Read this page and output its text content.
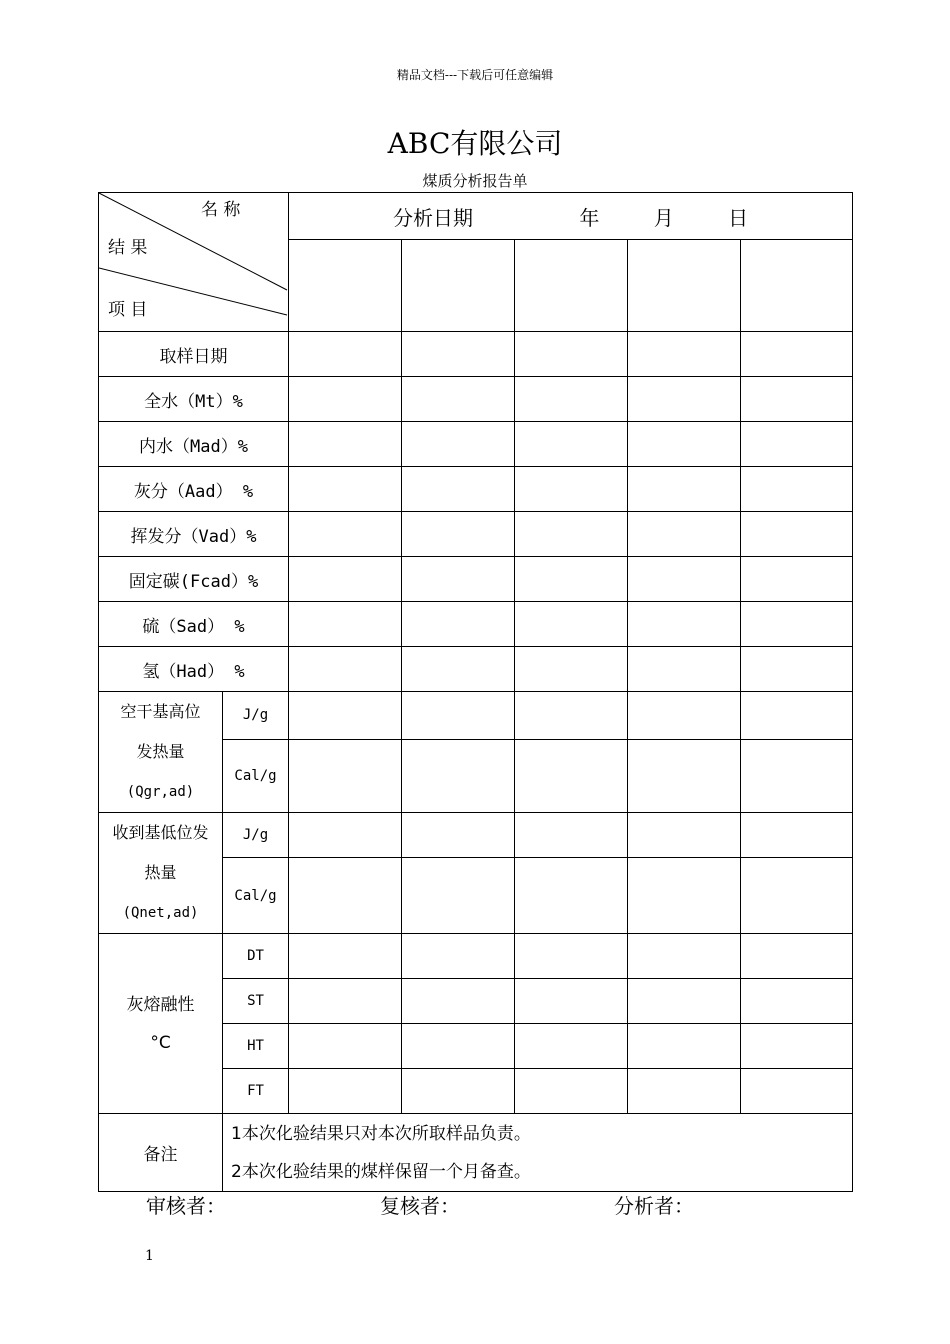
精品文档---下载后可任意编辑
ABC有限公司
煤质分析报告单
名 称
结 果
项 目		分析日期 年 月 日				

取样日期						
全水（Mt）%						
内水（Mad）%						
灰分（Aad） %						
挥发分（Vad）%						
固定碳(Fcad）%						
硫（Sad） %						
氢（Had） %						

空干基高位
发热量
(Qgr,ad)	J/g					
	Cal/g					

收到基低位发
热量
(Qnet,ad)	J/g					
	Cal/g					

灰熔融性
°C	DT					
	ST					
	HT					
	FT					
备注	1本次化验结果只对本次所取样品负责。
2本次化验结果的煤样保留一个月备查。					
审核者：	复核者：	分析者：
1
